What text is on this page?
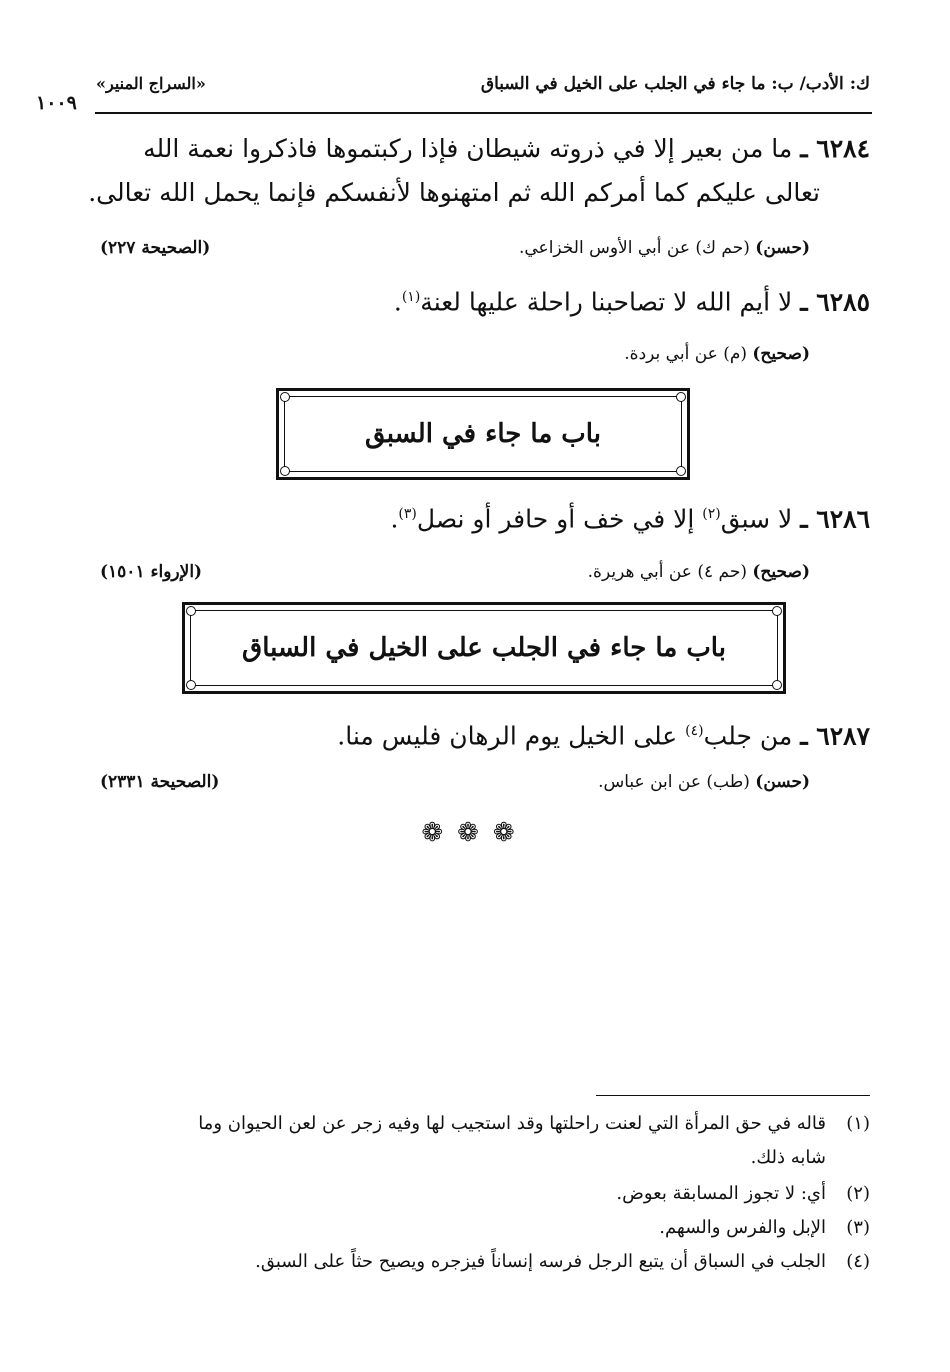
ك: الأدب/ ب: ما جاء في الجلب على الخيل في السباق
«السراج المنير»
١٠٠٩
٦٢٨٤ ـ ما من بعير إلا في ذروته شيطان فإذا ركبتموها فاذكروا نعمة الله
تعالى عليكم كما أمركم الله ثم امتهنوها لأنفسكم فإنما يحمل الله تعالى.
(حسن) (حم ك) عن أبي الأوس الخزاعي.
(الصحيحة ٢٢٧)
٦٢٨٥ ـ لا أيم الله لا تصاحبنا راحلة عليها لعنة$^{(١)}$.
(صحيح) (م) عن أبي بردة.
باب ما جاء في السبق
٦٢٨٦ ـ لا سبق$^{(٢)}$ إلا في خف أو حافر أو نصل$^{(٣)}$.
(صحيح) (حم ٤) عن أبي هريرة.
(الإرواء ١٥٠١)
باب ما جاء في الجلب على الخيل في السباق
٦٢٨٧ ـ من جلب$^{(٤)}$ على الخيل يوم الرهان فليس منا.
(حسن) (طب) عن ابن عباس.
(الصحيحة ٢٣٣١)
❁❁❁
(١)قاله في حق المرأة التي لعنت راحلتها وقد استجيب لها وفيه زجر عن لعن الحيوان وما
شابه ذلك.
(٢)أي: لا تجوز المسابقة بعوض.
(٣)الإبل والفرس والسهم.
(٤)الجلب في السباق أن يتبع الرجل فرسه إنساناً فيزجره ويصيح حثاً على السبق.
